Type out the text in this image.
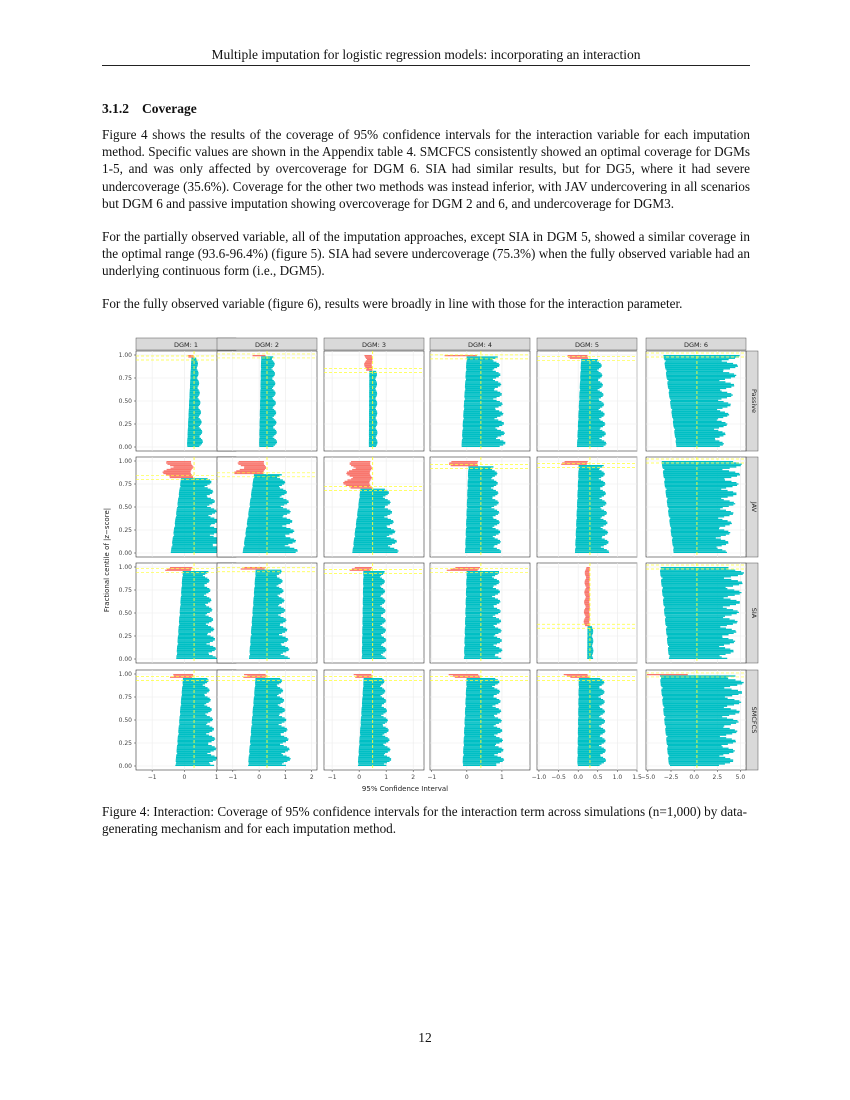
Multiple imputation for logistic regression models: incorporating an interaction
3.1.2 Coverage

Figure 4 shows the results of the coverage of 95% confidence intervals for the interaction variable for each imputation method. Specific values are shown in the Appendix table 4. SMCFCS consistently showed an optimal coverage for DGMs 1-5, and was only affected by overcoverage for DGM 6. SIA had similar results, but for DG5, where it had severe undercoverage (35.6%). Coverage for the other two methods was instead inferior, with JAV undercovering in all scenarios but DGM 6 and passive imputation showing overcoverage for DGM 2 and 6, and undercoverage for DGM3.

For the partially observed variable, all of the imputation approaches, except SIA in DGM 5, showed a similar coverage in the optimal range (93.6-96.4%) (figure 5). SIA had severe undercoverage (75.3%) when the fully observed variable had an underlying continuous form (i.e., DGM5).

For the fully observed variable (figure 6), results were broadly in line with those for the interaction parameter.

DGM: 1	DGM: 2	DGM: 3	DGM: 4	DGM: 5	DGM: 6
Passive
JAV
SIA
SMCFCS
Fractional centile of |z−score|
0.00
0.25
0.50
0.75
1.00
0.00
0.25
0.50
0.75
1.00
0.00
0.25
0.50
0.75
1.00
0.00
0.25
0.50
0.75
1.00
−1	0	1 −1	0	1	2 −1	0	1	2 −1	0	1	−1.0 −0.5 0.0 0.5 1.0 1.5
−5.0 −2.5 0.0 2.5 5.0
95% Confidence Interval

Figure 4: Interaction: Coverage of 95% confidence intervals for the interaction term across simulations (n=1,000) by data-generating mechanism and for each imputation method.

12
